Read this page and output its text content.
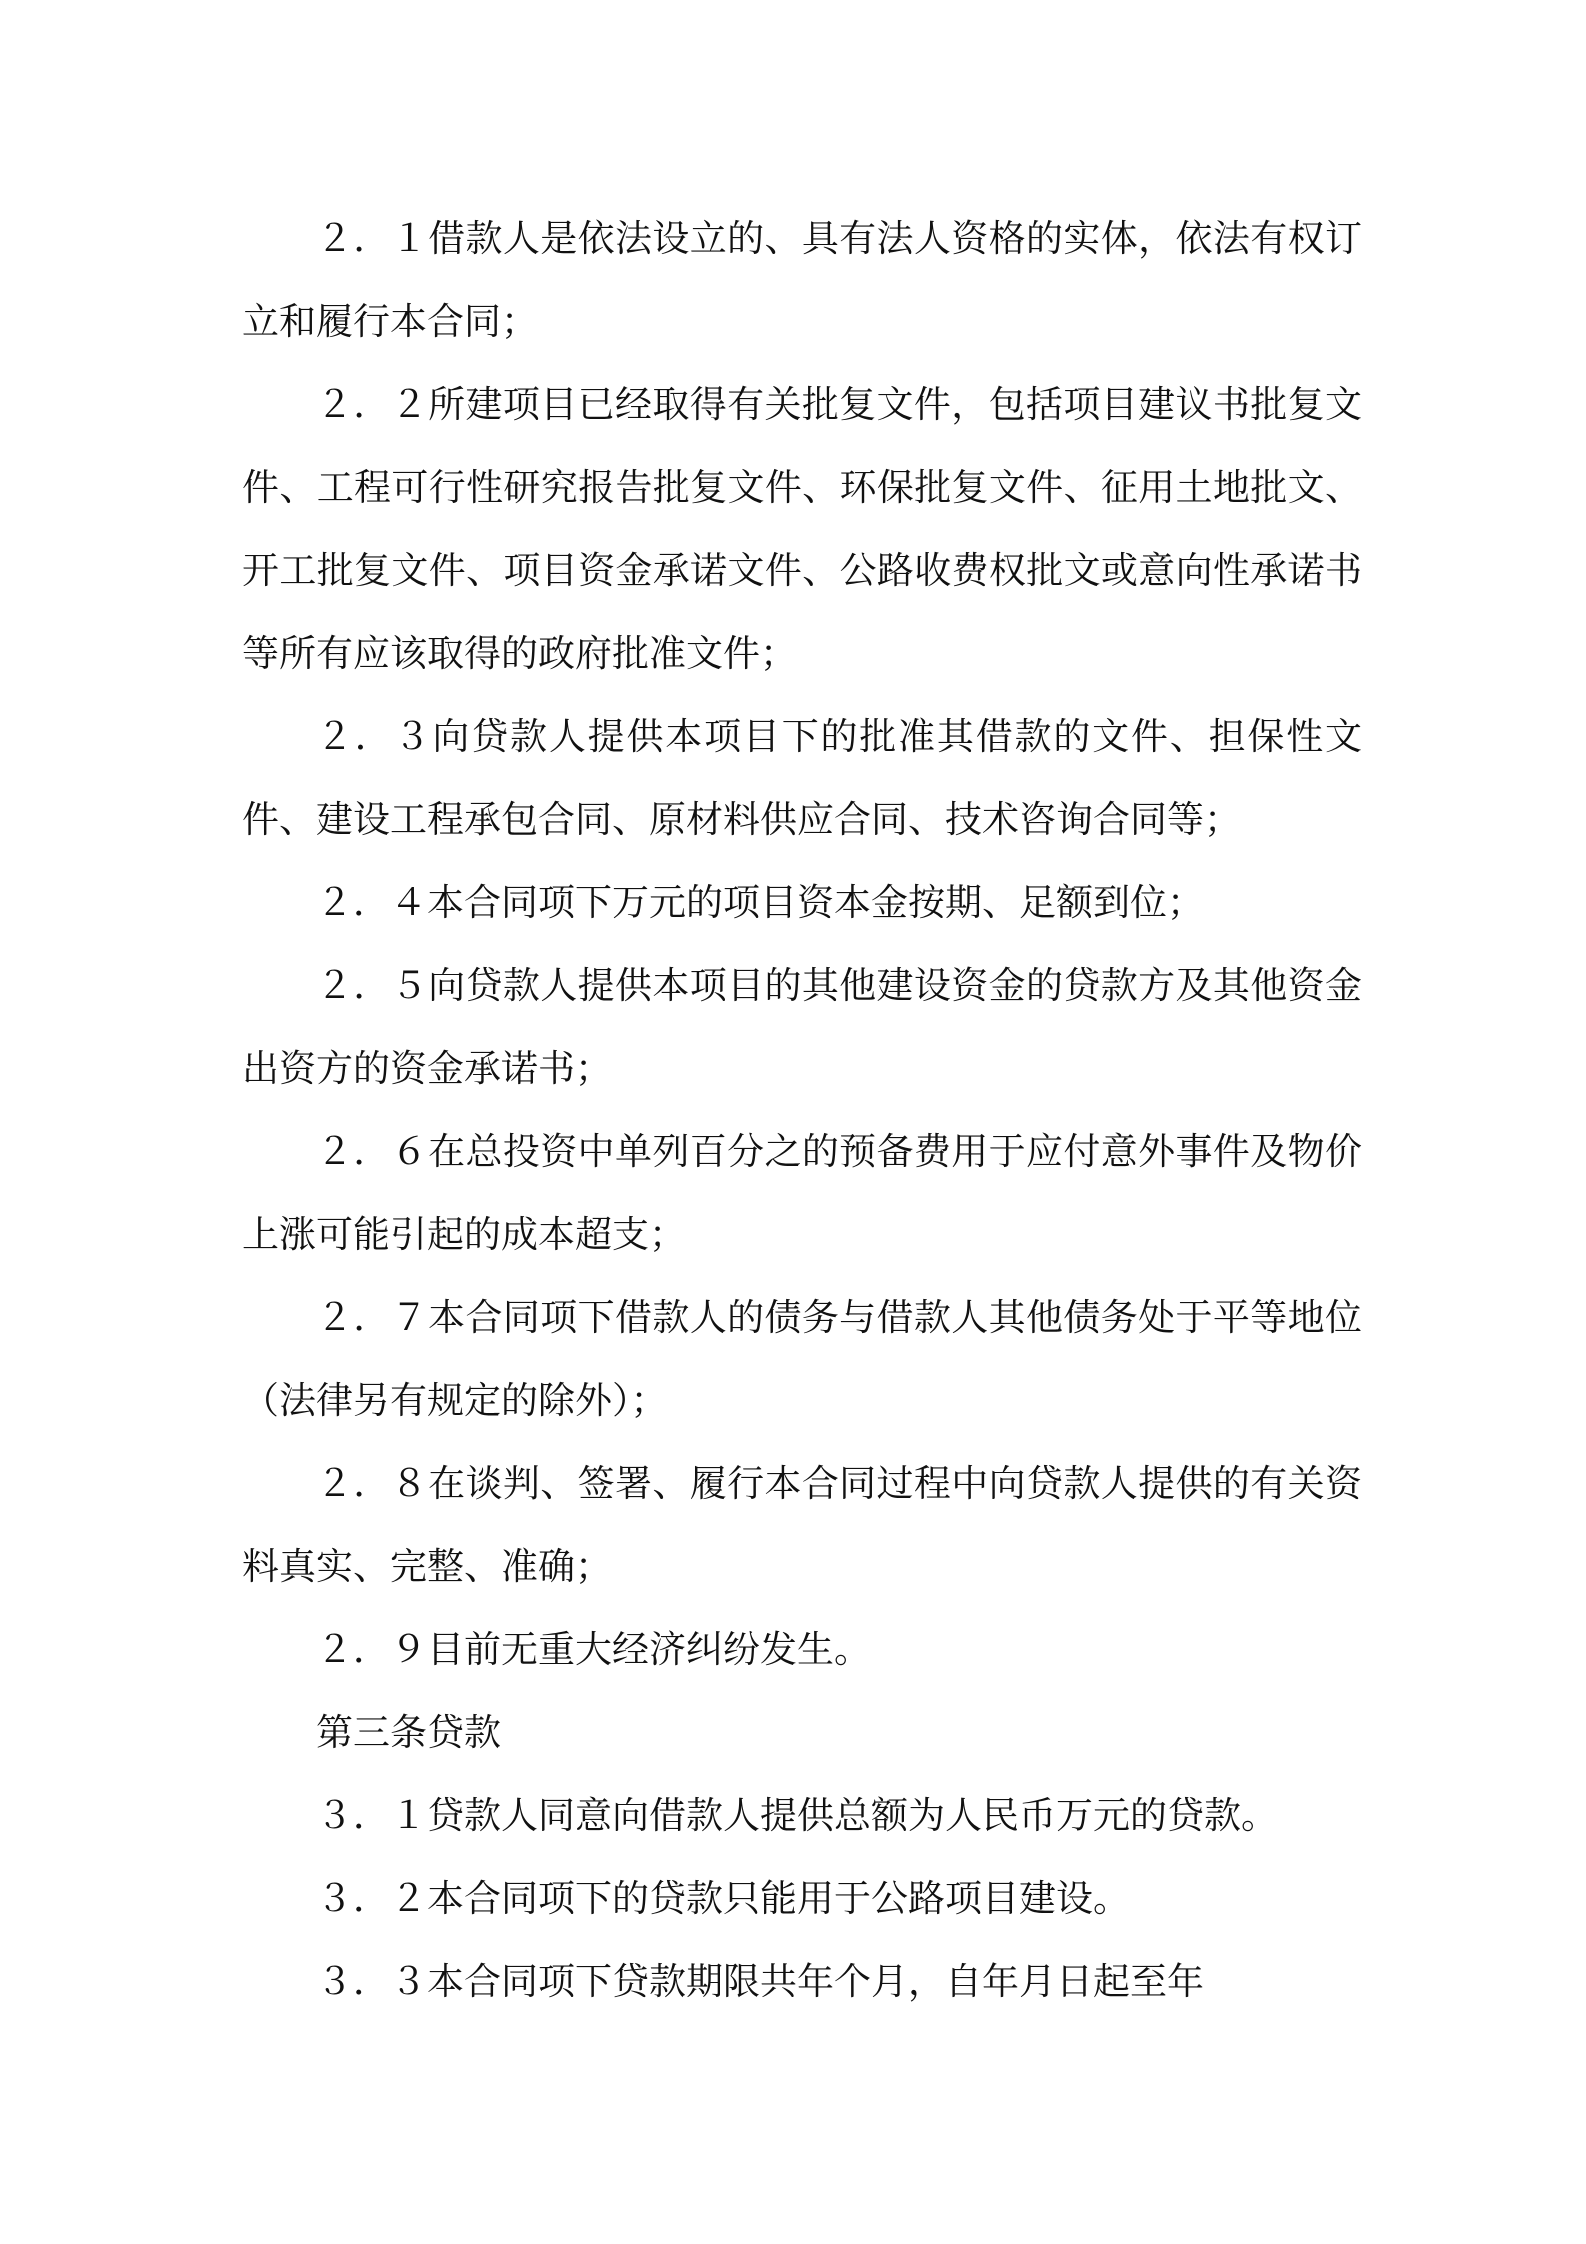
２．１借款人是依法设立的、具有法人资格的实体，依法有权订立和履行本合同；

２．２所建项目已经取得有关批复文件，包括项目建议书批复文件、工程可行性研究报告批复文件、环保批复文件、征用土地批文、开工批复文件、项目资金承诺文件、公路收费权批文或意向性承诺书等所有应该取得的政府批准文件；

２．３向贷款人提供本项目下的批准其借款的文件、担保性文件、建设工程承包合同、原材料供应合同、技术咨询合同等；

２．４本合同项下万元的项目资本金按期、足额到位；

２．５向贷款人提供本项目的其他建设资金的贷款方及其他资金出资方的资金承诺书；

２．６在总投资中单列百分之的预备费用于应付意外事件及物价上涨可能引起的成本超支；

２．７本合同项下借款人的债务与借款人其他债务处于平等地位（法律另有规定的除外）；

２．８在谈判、签署、履行本合同过程中向贷款人提供的有关资料真实、完整、准确；

２．９目前无重大经济纠纷发生。

第三条贷款

３．１贷款人同意向借款人提供总额为人民币万元的贷款。

３．２本合同项下的贷款只能用于公路项目建设。

３．３本合同项下贷款期限共年个月，自年月日起至年
